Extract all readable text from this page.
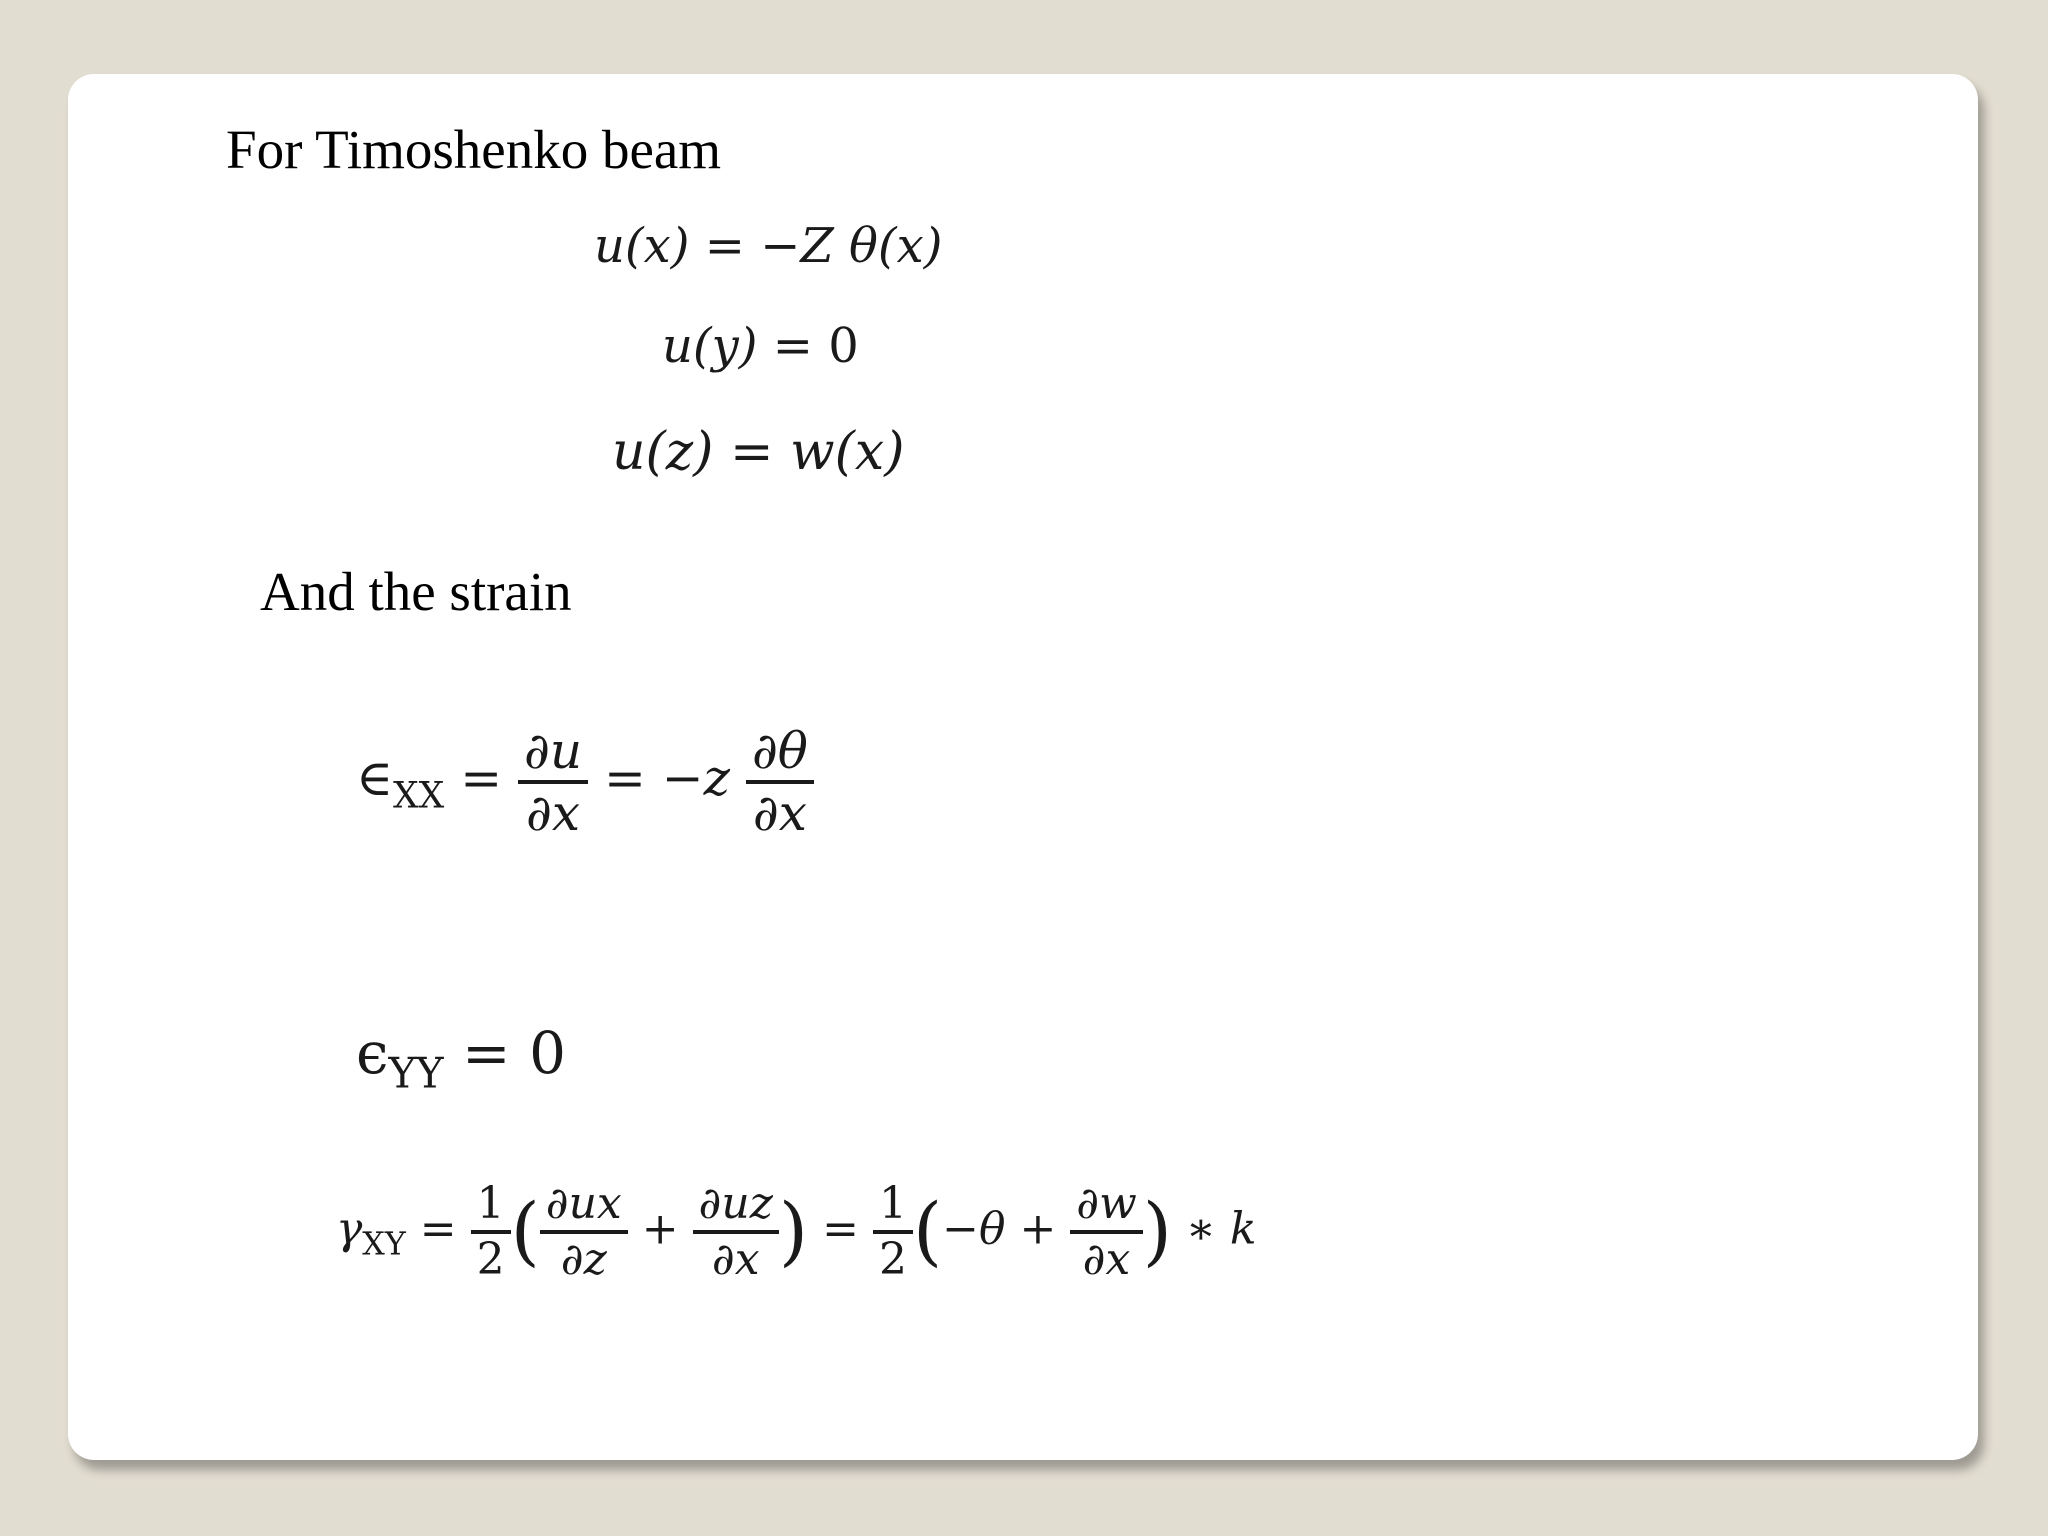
For Timoshenko beam
u(x) = −Z θ(x)
u(y) = 0
u(z) = w(x)
And the strain
$\in_{XX} = \frac{\partial u}{\partial x} = -z \frac{\partial\theta}{\partial x}$
$\epsilon_{YY} = 0$
$\gamma_{XY} = \frac{1}{2}$ ( $\frac{\partial ux}{\partial z} + \frac{\partial uz}{\partial x}$ ) = $\frac{1}{2} (-\theta + \frac{\partial w}{\partial x}$ ) ∗ k
